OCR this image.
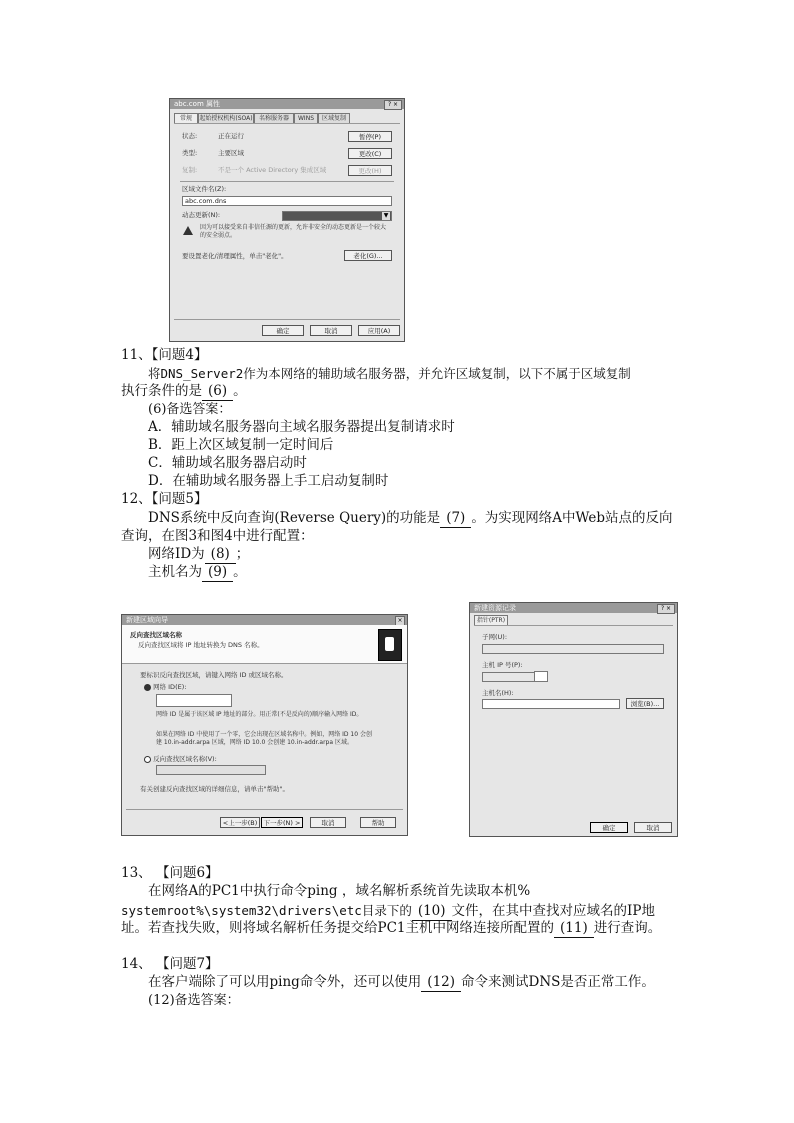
abc.com 属性	? ×
常规	起始授权机构(SOA)	名称服务器	WINS	区域复制
状态:	正在运行	暂停(P)
类型:	主要区域	更改(C)
复制:	不是一个 Active Directory 集成区域	更改(H)
区域文件名(Z):
abc.com.dns
动态更新(N):	▼
因为可以接受来自非信任源的更新，允许非安全的动态更新是一个较大的安全弱点。
要设置老化/清理属性，单击"老化"。	老化(G)...
确定	取消	应用(A)
11、【问题4】
将DNS_Server2作为本网络的辅助域名服务器，并允许区域复制，以下不属于区域复制
执行条件的是 (6) 。
(6)备选答案：
A．辅助域名服务器向主域名服务器提出复制请求时
B．距上次区域复制一定时间后
C．辅助域名服务器启动时
D．在辅助域名服务器上手工启动复制时
12、【问题5】
DNS系统中反向查询(Reverse Query)的功能是 (7) 。为实现网络A中Web站点的反向
查询，在图3和图4中进行配置：
网络ID为 (8) ；
主机名为 (9) 。
新建区域向导	×
反向查找区域名称
反向查找区域将 IP 地址转换为 DNS 名称。
要标识反向查找区域，请键入网络 ID 或区域名称。
网络 ID(E):
网络 ID 是属于该区域 IP 地址的部分。用正常(不是反向的)顺序输入网络 ID。
如果在网络 ID 中使用了一个零，它会出现在区域名称中。例如，网络 ID 10 会创建 10.in-addr.arpa 区域，网络 ID 10.0 会创建 10.in-addr.arpa 区域。
反向查找区域名称(V):
有关创建反向查找区域的详细信息，请单击"帮助"。
<上一步(B) 下一步(N) >	取消	帮助
新建资源记录	? ×
指针(PTR)
子网(U):
主机 IP 号(P):
主机名(H):
浏览(B)...
确定	取消
13、 【问题6】
在网络A的PC1中执行命令ping ，域名解析系统首先读取本机%
systemroot%\system32\drivers\etc目录下的 (10) 文件，在其中查找对应域名的IP地
址。若查找失败，则将域名解析任务提交给PC1主机中网络连接所配置的 (11) 进行查询。
14、 【问题7】
在客户端除了可以用ping命令外，还可以使用 (12) 命令来测试DNS是否正常工作。
(12)备选答案：
